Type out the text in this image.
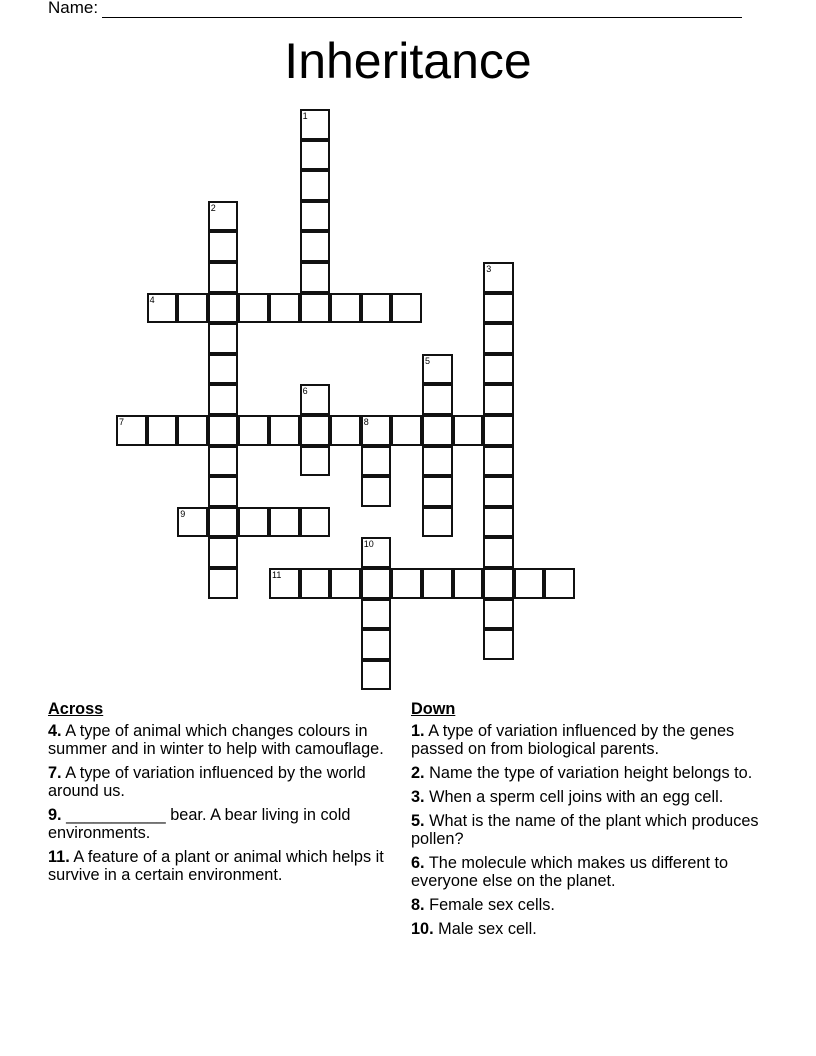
Name:
Inheritance
1
2
3
4
5
6
7	8
9
10
11
Across
4. A type of animal which changes colours in summer and in winter to help with camouflage.
7. A type of variation influenced by the world around us.
9. ___________ bear. A bear living in cold environments.
11. A feature of a plant or animal which helps it survive in a certain environment.
Down
1. A type of variation influenced by the genes passed on from biological parents.
2. Name the type of variation height belongs to.
3. When a sperm cell joins with an egg cell.
5. What is the name of the plant which produces pollen?
6. The molecule which makes us different to everyone else on the planet.
8. Female sex cells.
10. Male sex cell.
